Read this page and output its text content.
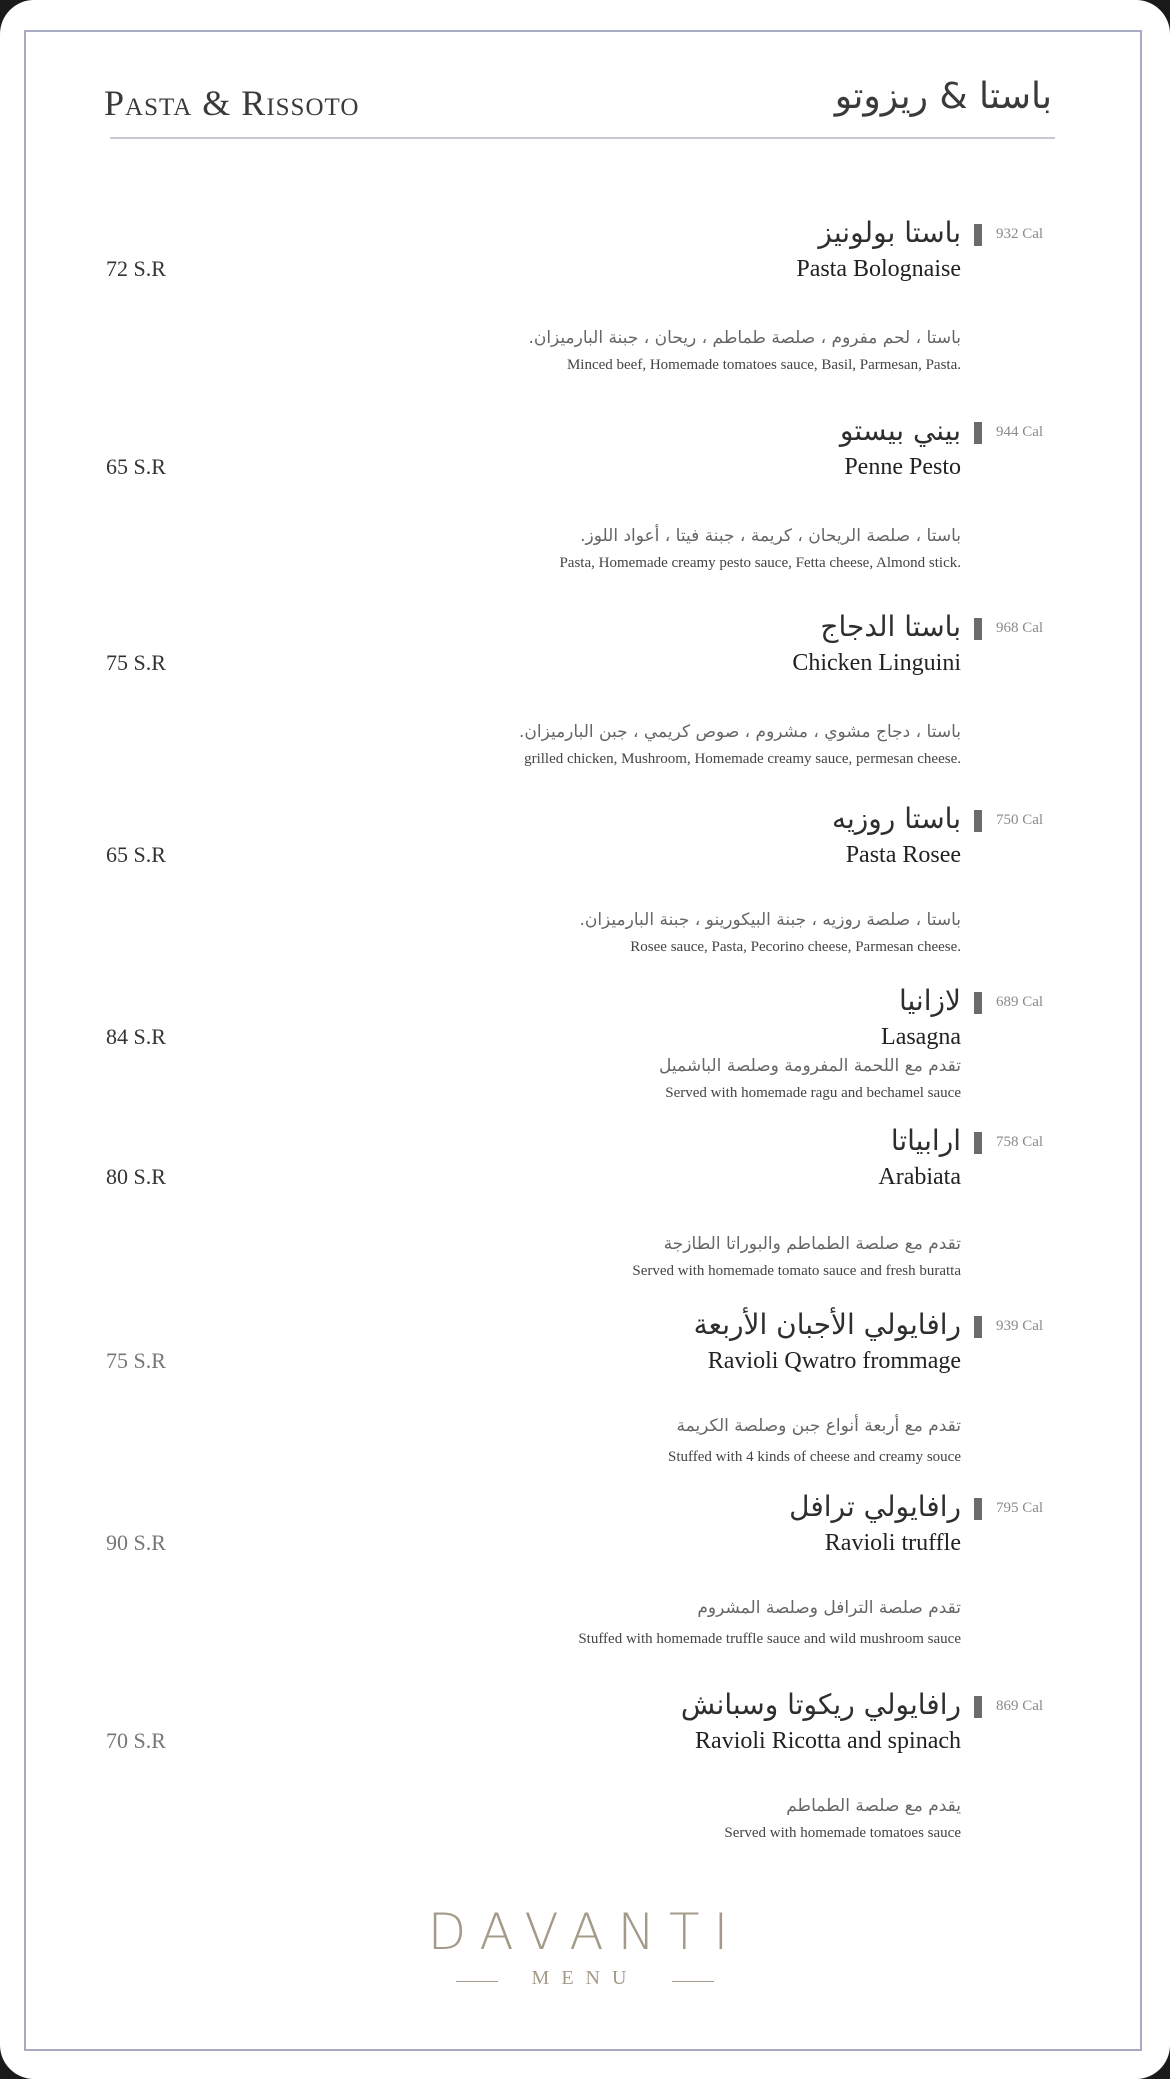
Pasta & Rissoto	باستا & ريزوتو
باستا بولونيز 932 Cal
Pasta Bolognaise
72 S.R
باستا ، لحم مفروم ، صلصة طماطم ، ريحان ، جبنة البارميزان.
Minced beef, Homemade tomatoes sauce, Basil, Parmesan, Pasta.
بيني بيستو 944 Cal
Penne Pesto
65 S.R
باستا ، صلصة الريحان ، كريمة ، جبنة فيتا ، أعواد اللوز.
Pasta, Homemade creamy pesto sauce, Fetta cheese, Almond stick.
باستا الدجاج 968 Cal
Chicken Linguini
75 S.R
باستا ، دجاج مشوي ، مشروم ، صوص كريمي ، جبن البارميزان.
grilled chicken, Mushroom, Homemade creamy sauce, permesan cheese.
باستا روزيه 750 Cal
Pasta Rosee
65 S.R
باستا ، صلصة روزيه ، جبنة البيكورينو ، جبنة البارميزان.
Rosee sauce, Pasta, Pecorino cheese, Parmesan cheese.
لازانيا 689 Cal
Lasagna
84 S.R
تقدم مع اللحمة المفرومة وصلصة الباشميل
Served with homemade ragu and bechamel sauce
ارابياتا 758 Cal
Arabiata
80 S.R
تقدم مع صلصة الطماطم والبوراتا الطازجة
Served with homemade tomato sauce and fresh buratta
رافايولي الأجبان الأربعة 939 Cal
Ravioli Qwatro frommage
75 S.R
تقدم مع أربعة أنواع جبن وصلصة الكريمة
Stuffed with 4 kinds of cheese and creamy souce
رافايولي ترافل 795 Cal
Ravioli truffle
90 S.R
تقدم صلصة الترافل وصلصة المشروم
Stuffed with homemade truffle sauce and wild mushroom sauce
رافايولي ريكوتا وسبانش 869 Cal
Ravioli Ricotta and spinach
70 S.R
يقدم مع صلصة الطماطم
Served with homemade tomatoes sauce
DAVANTI
MENU
